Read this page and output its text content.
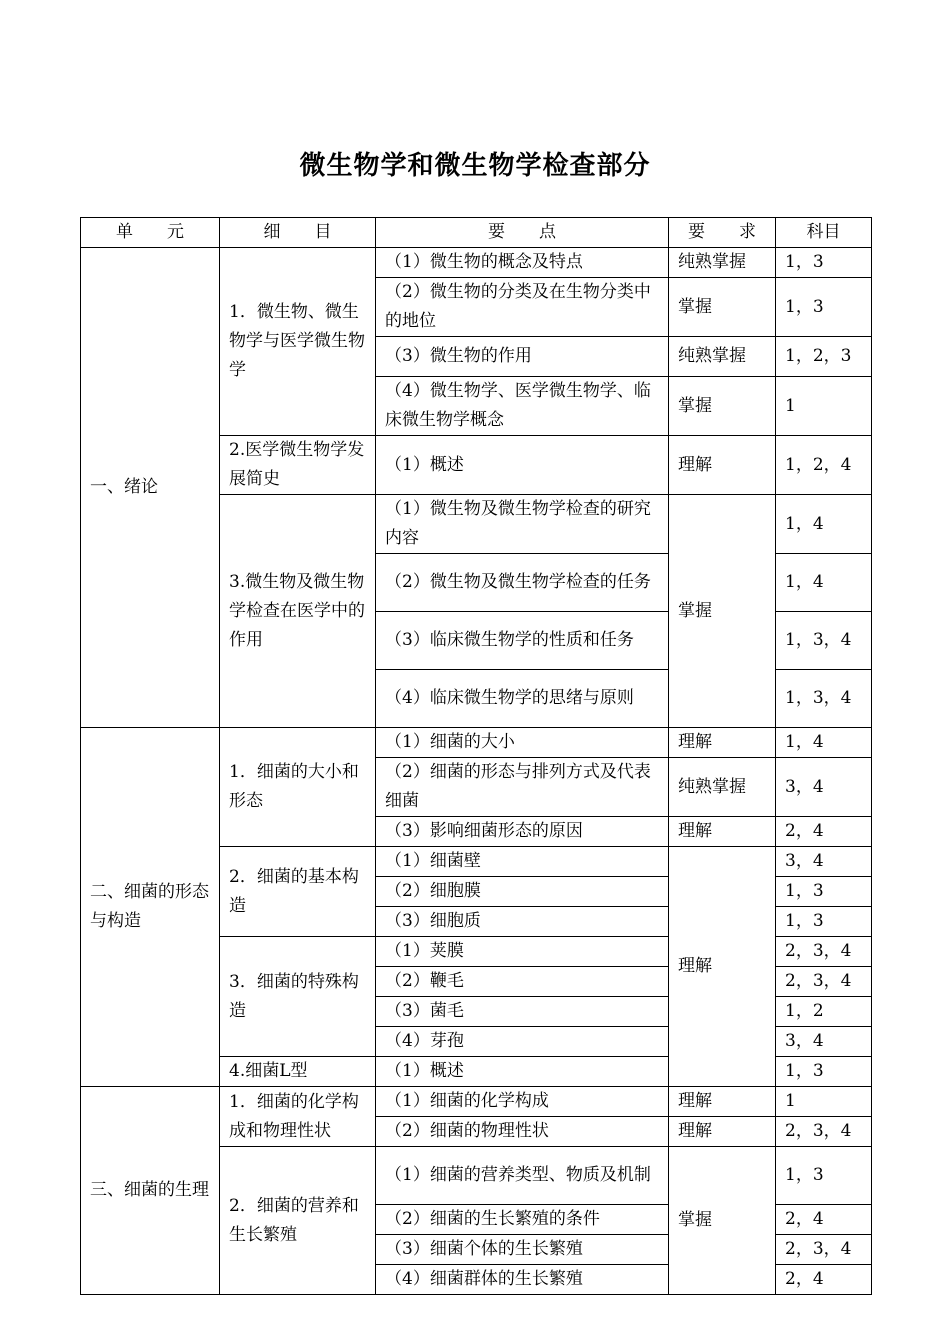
微生物学和微生物学检查部分
单　　元	细　　目	要　　点	要　　求	科目
一、绪论	1．微生物、微生物学与医学微生物学	（1）微生物的概念及特点	纯熟掌握	1，3
		（2）微生物的分类及在生物分类中的地位	掌握	1，3
		（3）微生物的作用	纯熟掌握	1，2，3
		（4）微生物学、医学微生物学、临床微生物学概念	掌握	1
	2.医学微生物学发展简史	（1）概述	理解	1，2，4
	3.微生物及微生物学检查在医学中的作用	（1）微生物及微生物学检查的研究内容	掌握	1，4
		（2）微生物及微生物学检查的任务		1，4
		（3）临床微生物学的性质和任务		1，3，4
		（4）临床微生物学的思绪与原则		1，3，4
二、细菌的形态与构造	1．细菌的大小和形态	（1）细菌的大小	理解	1，4
		（2）细菌的形态与排列方式及代表细菌	纯熟掌握	3，4
		（3）影响细菌形态的原因	理解	2，4
	2．细菌的基本构造	（1）细菌壁	理解	3，4
		（2）细胞膜		1，3
		（3）细胞质		1，3
	3．细菌的特殊构造	（1）荚膜		2，3，4
		（2）鞭毛		2，3，4
		（3）菌毛		1，2
		（4）芽孢		3，4
	4.细菌L型	（1）概述		1，3
三、细菌的生理	1．细菌的化学构成和物理性状	（1）细菌的化学构成	理解	1
		（2）细菌的物理性状	理解	2，3，4
	2．细菌的营养和生长繁殖	（1）细菌的营养类型、物质及机制	掌握	1，3
		（2）细菌的生长繁殖的条件		2，4
		（3）细菌个体的生长繁殖		2，3，4
		（4）细菌群体的生长繁殖		2，4
